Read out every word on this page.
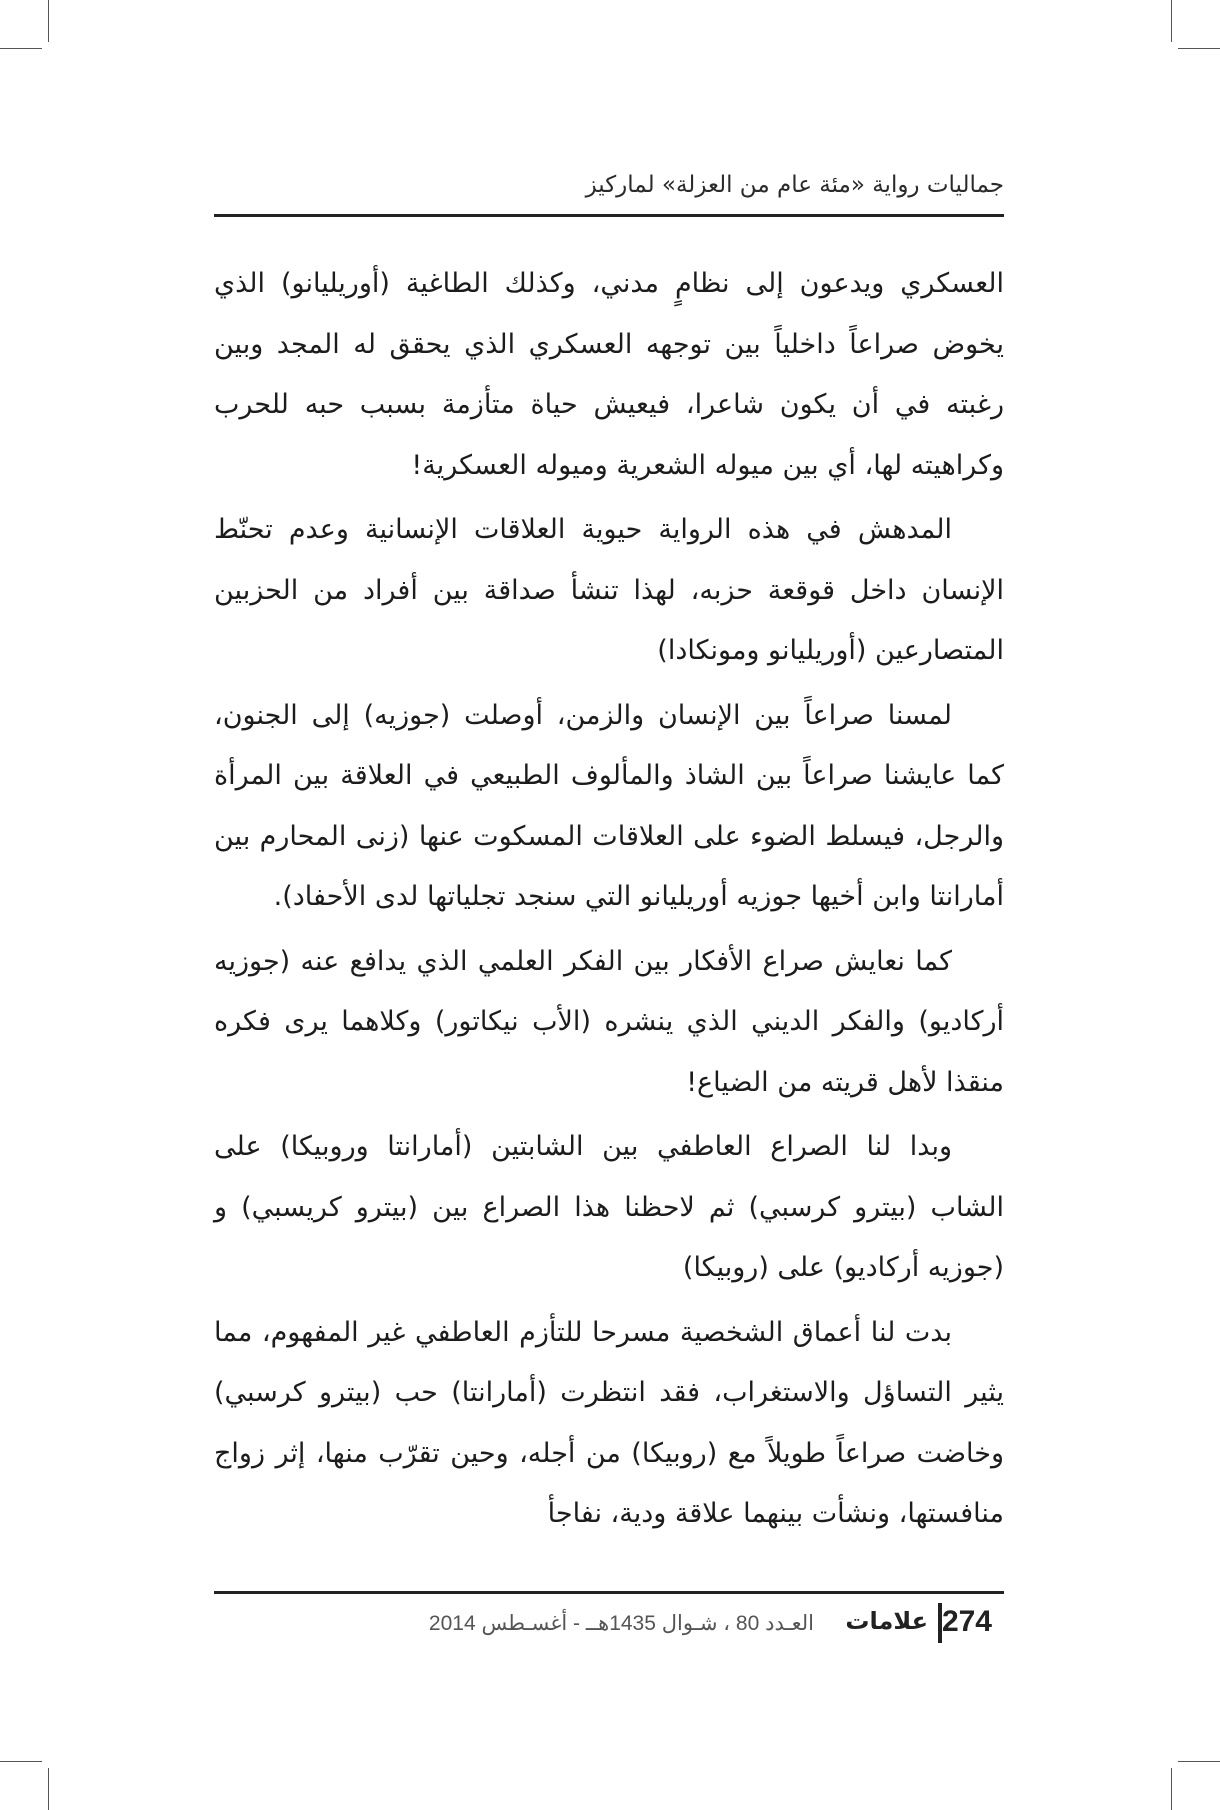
جماليات رواية «مئة عام من العزلة» لماركيز

العسكري ويدعون إلى نظامٍ مدني، وكذلك الطاغية (أوريليانو) الذي يخوض صراعاً داخلياً بين توجهه العسكري الذي يحقق له المجد وبين رغبته في أن يكون شاعرا، فيعيش حياة متأزمة بسبب حبه للحرب وكراهيته لها، أي بين ميوله الشعرية وميوله العسكرية!

المدهش في هذه الرواية حيوية العلاقات الإنسانية وعدم تحنّط الإنسان داخل قوقعة حزبه، لهذا تنشأ صداقة بين أفراد من الحزبين المتصارعين (أوريليانو ومونكادا)

لمسنا صراعاً بين الإنسان والزمن، أوصلت (جوزيه) إلى الجنون، كما عايشنا صراعاً بين الشاذ والمألوف الطبيعي في العلاقة بين المرأة والرجل، فيسلط الضوء على العلاقات المسكوت عنها (زنى المحارم بين أمارانتا وابن أخيها جوزيه أوريليانو التي سنجد تجلياتها لدى الأحفاد).

كما نعايش صراع الأفكار بين الفكر العلمي الذي يدافع عنه (جوزيه أركاديو) والفكر الديني الذي ينشره (الأب نيكاتور) وكلاهما يرى فكره منقذا لأهل قريته من الضياع!

وبدا لنا الصراع العاطفي بين الشابتين (أمارانتا وروبيكا) على الشاب (بيترو كرسبي) ثم لاحظنا هذا الصراع بين (بيترو كريسبي) و (جوزيه أركاديو) على (روبيكا)

بدت لنا أعماق الشخصية مسرحا للتأزم العاطفي غير المفهوم، مما يثير التساؤل والاستغراب، فقد انتظرت (أمارانتا) حب (بيترو كرسبي) وخاضت صراعاً طويلاً مع (روبيكا) من أجله، وحين تقرّب منها، إثر زواج منافستها، ونشأت بينهما علاقة ودية، نفاجأ

274
علامات
العـدد 80 ، شـوال 1435هــ - أغسـطس 2014
